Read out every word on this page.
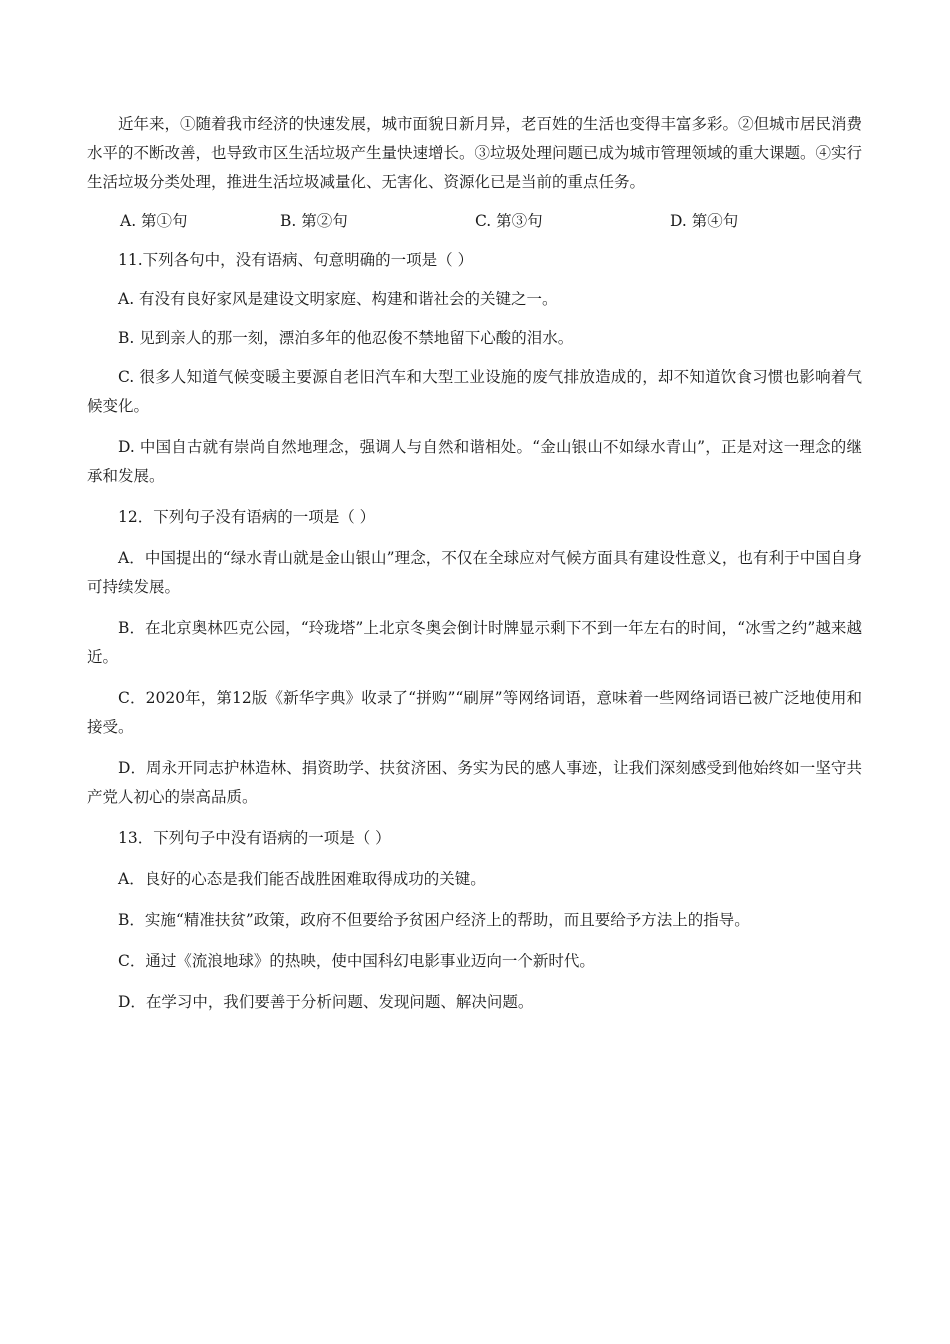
近年来，①随着我市经济的快速发展，城市面貌日新月异，老百姓的生活也变得丰富多彩。②但城市居民消费水平的不断改善，也导致市区生活垃圾产生量快速增长。③垃圾处理问题已成为城市管理领域的重大课题。④实行生活垃圾分类处理，推进生活垃圾减量化、无害化、资源化已是当前的重点任务。

A. 第①句	B. 第②句	C. 第③句	D. 第④句

11.下列各句中，没有语病、句意明确的一项是（ ）

A. 有没有良好家风是建设文明家庭、构建和谐社会的关键之一。

B. 见到亲人的那一刻，漂泊多年的他忍俊不禁地留下心酸的泪水。

C. 很多人知道气候变暖主要源自老旧汽车和大型工业设施的废气排放造成的，却不知道饮食习惯也影响着气候变化。

D. 中国自古就有崇尚自然地理念，强调人与自然和谐相处。“金山银山不如绿水青山”，正是对这一理念的继承和发展。

12．下列句子没有语病的一项是（ ）

A．中国提出的“绿水青山就是金山银山”理念，不仅在全球应对气候方面具有建设性意义，也有利于中国自身可持续发展。

B．在北京奥林匹克公园，“玲珑塔”上北京冬奥会倒计时牌显示剩下不到一年左右的时间，“冰雪之约”越来越近。

C．2020年，第12版《新华字典》收录了“拼购”“刷屏”等网络词语，意味着一些网络词语已被广泛地使用和接受。

D．周永开同志护林造林、捐资助学、扶贫济困、务实为民的感人事迹，让我们深刻感受到他始终如一坚守共产党人初心的崇高品质。

13．下列句子中没有语病的一项是（ ）

A．良好的心态是我们能否战胜困难取得成功的关键。

B．实施“精准扶贫”政策，政府不但要给予贫困户经济上的帮助，而且要给予方法上的指导。

C．通过《流浪地球》的热映，使中国科幻电影事业迈向一个新时代。

D．在学习中，我们要善于分析问题、发现问题、解决问题。
